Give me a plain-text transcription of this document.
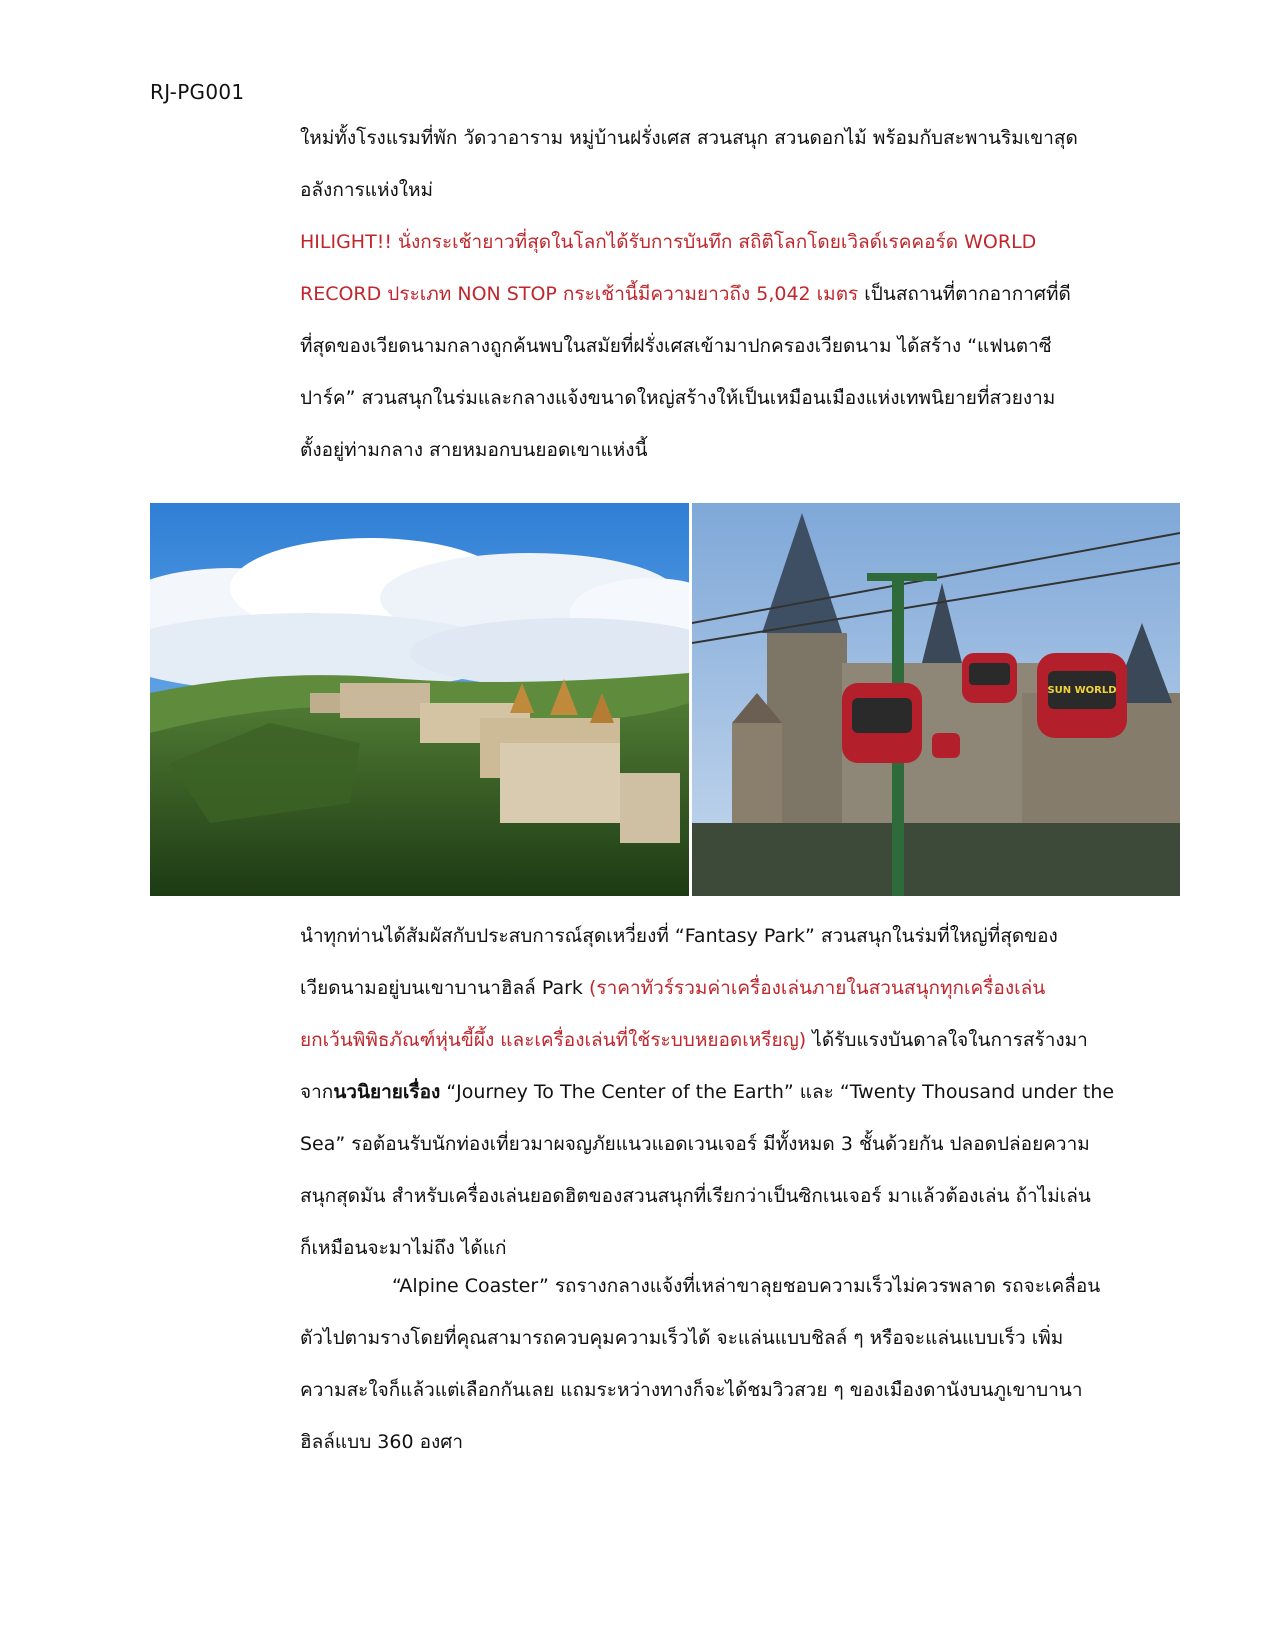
RJ-PG001

ใหม่ทั้งโรงแรมที่พัก วัดวาอาราม หมู่บ้านฝรั่งเศส สวนสนุก สวนดอกไม้ พร้อมกับสะพานริมเขาสุด

อลังการแห่งใหม่

HILIGHT!! นั่งกระเช้ายาวที่สุดในโลกได้รับการบันทึก สถิติโลกโดยเวิลด์เรคคอร์ด WORLD

RECORD ประเภท NON STOP กระเช้านี้มีความยาวถึง 5,042 เมตร เป็นสถานที่ตากอากาศที่ดี

ที่สุดของเวียดนามกลางถูกค้นพบในสมัยที่ฝรั่งเศสเข้ามาปกครองเวียดนาม ได้สร้าง “แฟนตาซี

ปาร์ค” สวนสนุกในร่มและกลางแจ้งขนาดใหญ่สร้างให้เป็นเหมือนเมืองแห่งเทพนิยายที่สวยงาม

ตั้งอยู่ท่ามกลาง สายหมอกบนยอดเขาแห่งนี้

SUN WORLD

นำทุกท่านได้สัมผัสกับประสบการณ์สุดเหวี่ยงที่ “Fantasy Park” สวนสนุกในร่มที่ใหญ่ที่สุดของ

เวียดนามอยู่บนเขาบานาฮิลล์ Park (ราคาทัวร์รวมค่าเครื่องเล่นภายในสวนสนุกทุกเครื่องเล่น

ยกเว้นพิพิธภัณฑ์หุ่นขี้ผึ้ง และเครื่องเล่นที่ใช้ระบบหยอดเหรียญ) ได้รับแรงบันดาลใจในการสร้างมา

จากนวนิยายเรื่อง “Journey To The Center of the Earth” และ “Twenty Thousand under the

Sea” รอต้อนรับนักท่องเที่ยวมาผจญภัยแนวแอดเวนเจอร์ มีทั้งหมด 3 ชั้นด้วยกัน ปลอดปล่อยความ

สนุกสุดมัน สำหรับเครื่องเล่นยอดฮิตของสวนสนุกที่เรียกว่าเป็นซิกเนเจอร์ มาแล้วต้องเล่น ถ้าไม่เล่น

ก็เหมือนจะมาไม่ถึง ได้แก่

“Alpine Coaster” รถรางกลางแจ้งที่เหล่าขาลุยชอบความเร็วไม่ควรพลาด รถจะเคลื่อน

ตัวไปตามรางโดยที่คุณสามารถควบคุมความเร็วได้ จะแล่นแบบชิลล์ ๆ หรือจะแล่นแบบเร็ว เพิ่ม

ความสะใจก็แล้วแต่เลือกกันเลย แถมระหว่างทางก็จะได้ชมวิวสวย ๆ ของเมืองดานังบนภูเขาบานา

ฮิลล์แบบ 360 องศา
